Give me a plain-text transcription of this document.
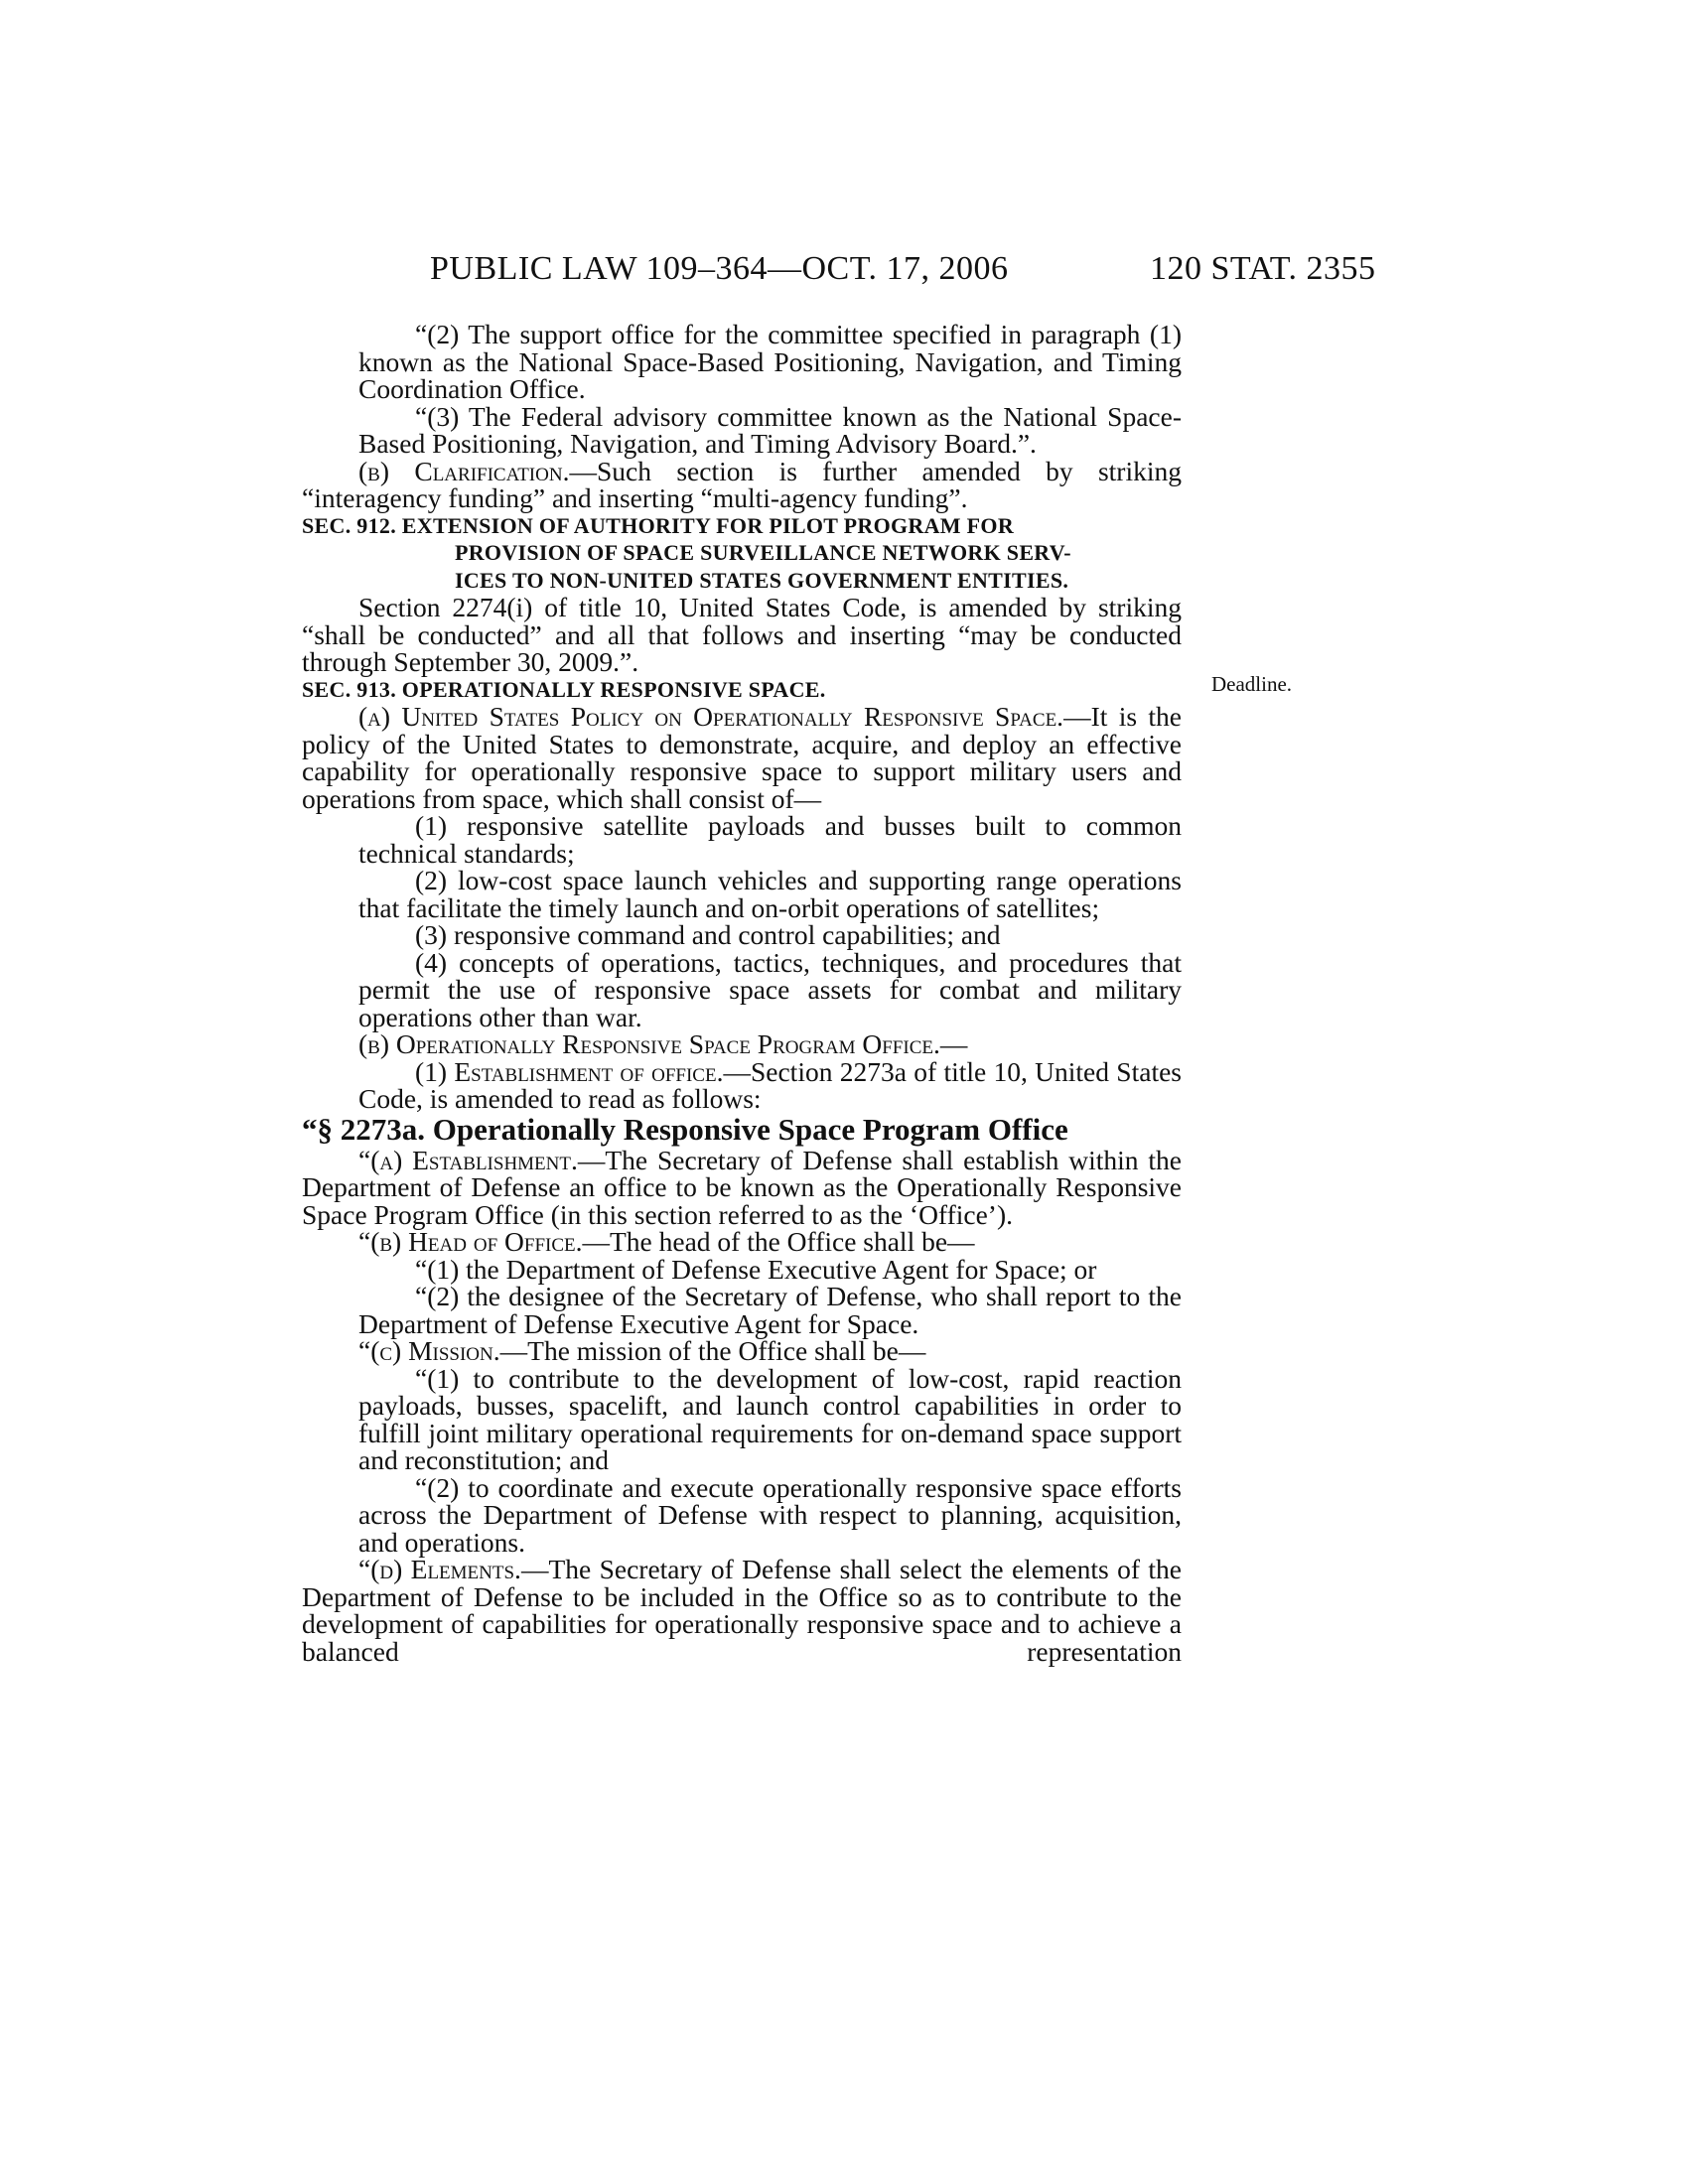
PUBLIC LAW 109–364—OCT. 17, 2006	120 STAT. 2355
Deadline.

“(2) The support office for the committee specified in paragraph (1) known as the National Space-Based Positioning, Navigation, and Timing Coordination Office.

“(3) The Federal advisory committee known as the National Space-Based Positioning, Navigation, and Timing Advisory Board.”.

(b) Clarification.—Such section is further amended by striking “interagency funding” and inserting “multi-agency funding”.

SEC. 912. EXTENSION OF AUTHORITY FOR PILOT PROGRAM FOR
PROVISION OF SPACE SURVEILLANCE NETWORK SERV-
ICES TO NON-UNITED STATES GOVERNMENT ENTITIES.

Section 2274(i) of title 10, United States Code, is amended by striking “shall be conducted” and all that follows and inserting “may be conducted through September 30, 2009.”.

SEC. 913. OPERATIONALLY RESPONSIVE SPACE.

(a) United States Policy on Operationally Responsive Space.—It is the policy of the United States to demonstrate, acquire, and deploy an effective capability for operationally responsive space to support military users and operations from space, which shall consist of—

(1) responsive satellite payloads and busses built to common technical standards;

(2) low-cost space launch vehicles and supporting range operations that facilitate the timely launch and on-orbit operations of satellites;

(3) responsive command and control capabilities; and

(4) concepts of operations, tactics, techniques, and procedures that permit the use of responsive space assets for combat and military operations other than war.

(b) Operationally Responsive Space Program Office.—

(1) Establishment of office.—Section 2273a of title 10, United States Code, is amended to read as follows:

“§ 2273a. Operationally Responsive Space Program Office

“(a) Establishment.—The Secretary of Defense shall establish within the Department of Defense an office to be known as the Operationally Responsive Space Program Office (in this section referred to as the ‘Office’).

“(b) Head of Office.—The head of the Office shall be—

“(1) the Department of Defense Executive Agent for Space; or

“(2) the designee of the Secretary of Defense, who shall report to the Department of Defense Executive Agent for Space.

“(c) Mission.—The mission of the Office shall be—

“(1) to contribute to the development of low-cost, rapid reaction payloads, busses, spacelift, and launch control capabilities in order to fulfill joint military operational requirements for on-demand space support and reconstitution; and

“(2) to coordinate and execute operationally responsive space efforts across the Department of Defense with respect to planning, acquisition, and operations.

“(d) Elements.—The Secretary of Defense shall select the elements of the Department of Defense to be included in the Office so as to contribute to the development of capabilities for operationally responsive space and to achieve a balanced representation
